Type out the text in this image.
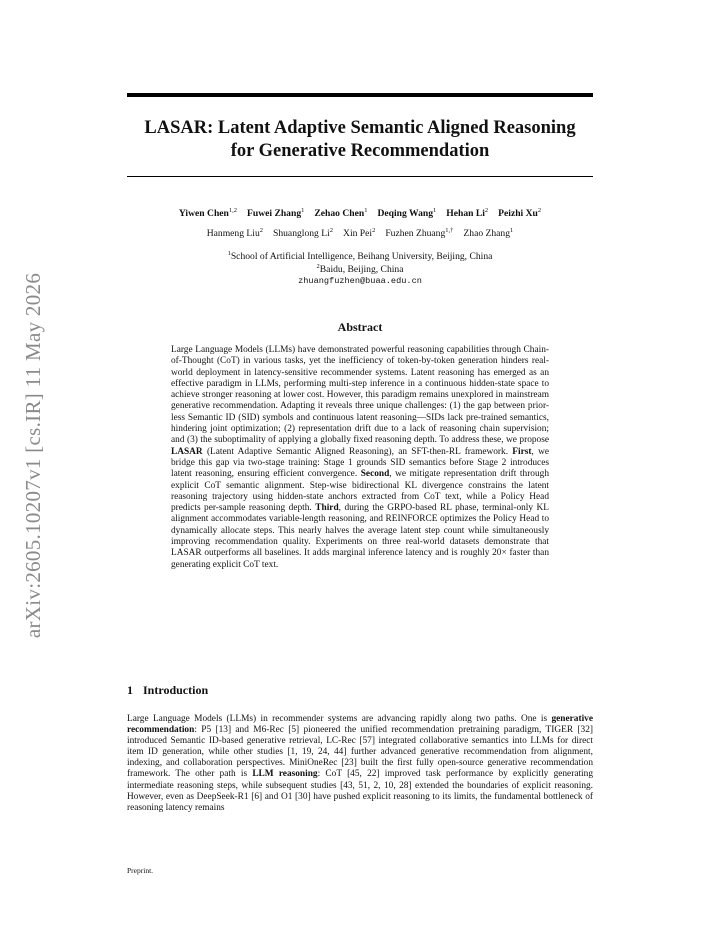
arXiv:2605.10207v1 [cs.IR] 11 May 2026
LASAR: Latent Adaptive Semantic Aligned Reasoning
for Generative Recommendation
Yiwen Chen$^{1,2}$ Fuwei Zhang$^1$ Zehao Chen$^1$ Deqing Wang$^1$ Hehan Li$^2$ Peizhi Xu$^2$
Hanmeng Liu$^2$ Shuanglong Li$^2$ Xin Pei$^2$ Fuzhen Zhuang$^{1,\dagger}$ Zhao Zhang$^1$
$^1$School of Artificial Intelligence, Beihang University, Beijing, China
$^2$Baidu, Beijing, China
zhuangfuzhen@buaa.edu.cn
Abstract
Large Language Models (LLMs) have demonstrated powerful reasoning capabilities through Chain-of-Thought (CoT) in various tasks, yet the inefficiency of token-by-token generation hinders real-world deployment in latency-sensitive recommender systems. Latent reasoning has emerged as an effective paradigm in LLMs, performing multi-step inference in a continuous hidden-state space to achieve stronger reasoning at lower cost. However, this paradigm remains unexplored in mainstream generative recommendation. Adapting it reveals three unique challenges: (1) the gap between prior-less Semantic ID (SID) symbols and continuous latent reasoning—SIDs lack pre-trained semantics, hindering joint optimization; (2) representation drift due to a lack of reasoning chain supervision; and (3) the suboptimality of applying a globally fixed reasoning depth. To address these, we propose LASAR (Latent Adaptive Semantic Aligned Reasoning), an SFT-then-RL framework. First, we bridge this gap via two-stage training: Stage 1 grounds SID semantics before Stage 2 introduces latent reasoning, ensuring efficient convergence. Second, we mitigate representation drift through explicit CoT semantic alignment. Step-wise bidirectional KL divergence constrains the latent reasoning trajectory using hidden-state anchors extracted from CoT text, while a Policy Head predicts per-sample reasoning depth. Third, during the GRPO-based RL phase, terminal-only KL alignment accommodates variable-length reasoning, and REINFORCE optimizes the Policy Head to dynamically allocate steps. This nearly halves the average latent step count while simultaneously improving recommendation quality. Experiments on three real-world datasets demonstrate that LASAR outperforms all baselines. It adds marginal inference latency and is roughly 20× faster than generating explicit CoT text.
1 Introduction
Large Language Models (LLMs) in recommender systems are advancing rapidly along two paths. One is generative recommendation: P5 [13] and M6-Rec [5] pioneered the unified recommendation pretraining paradigm, TIGER [32] introduced Semantic ID-based generative retrieval, LC-Rec [57] integrated collaborative semantics into LLMs for direct item ID generation, while other studies [1, 19, 24, 44] further advanced generative recommendation from alignment, indexing, and collaboration perspectives. MiniOneRec [23] built the first fully open-source generative recommendation framework. The other path is LLM reasoning: CoT [45, 22] improved task performance by explicitly generating intermediate reasoning steps, while subsequent studies [43, 51, 2, 10, 28] extended the boundaries of explicit reasoning. However, even as DeepSeek-R1 [6] and O1 [30] have pushed explicit reasoning to its limits, the fundamental bottleneck of reasoning latency remains
Preprint.
